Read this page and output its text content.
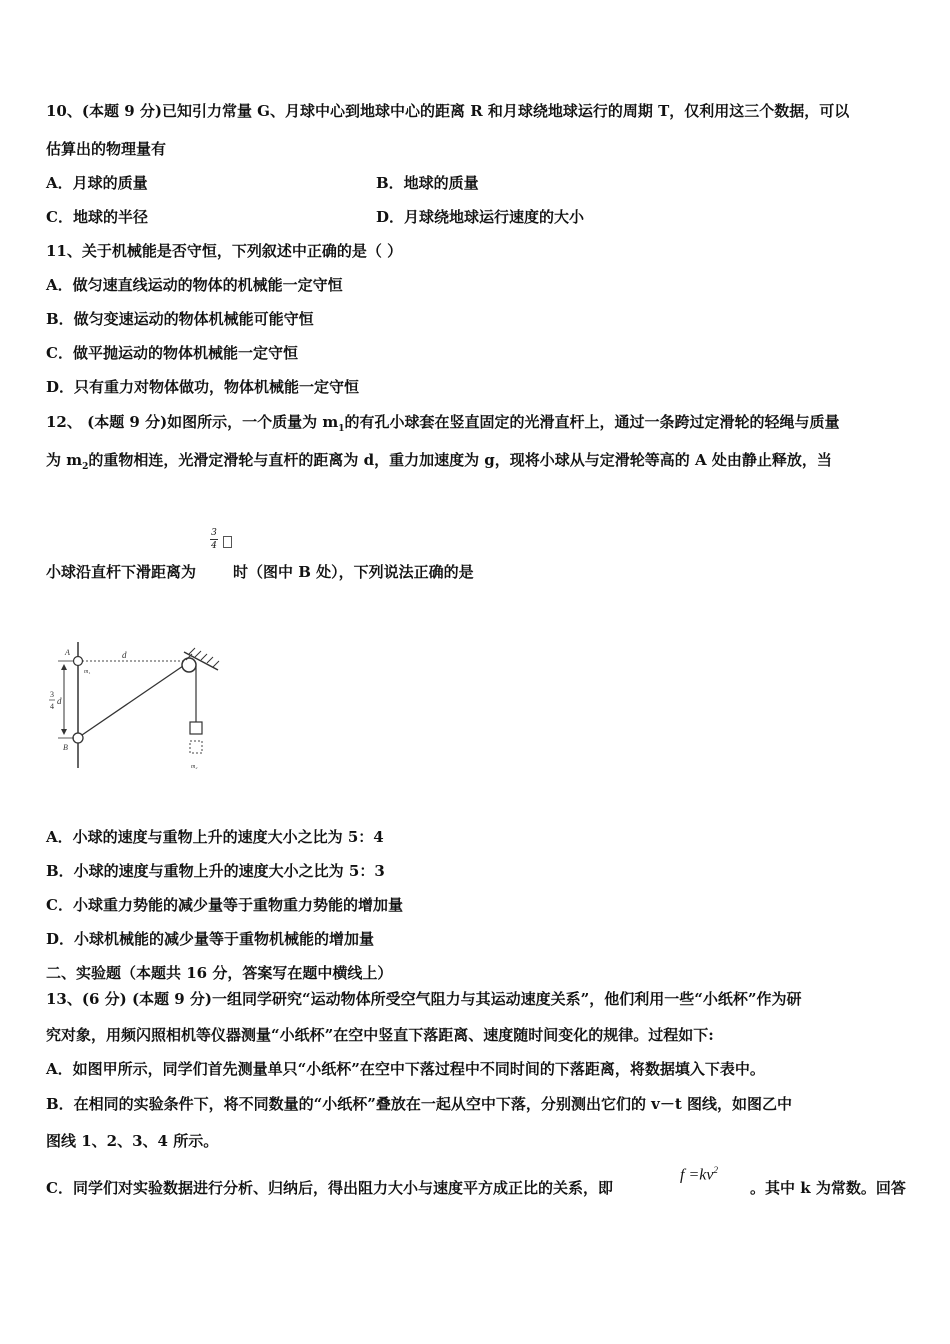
10、(本题 9 分)已知引力常量 G、月球中心到地球中心的距离 R 和月球绕地球运行的周期 T，仅利用这三个数据，可以
估算出的物理量有
A．月球的质量	B．地球的质量
C．地球的半径	D．月球绕地球运行速度的大小
11、关于机械能是否守恒，下列叙述中正确的是（ ）
A．做匀速直线运动的物体的机械能一定守恒
B．做匀变速运动的物体机械能可能守恒
C．做平抛运动的物体机械能一定守恒
D．只有重力对物体做功，物体机械能一定守恒
12、 (本题 9 分)如图所示，一个质量为 $m_1$的有孔小球套在竖直固定的光滑直杆上，通过一条跨过定滑轮的轻绳与质量
为 $m_2$的重物相连，光滑定滑轮与直杆的距离为 d，重力加速度为 g，现将小球从与定滑轮等高的 A 处由静止释放，当
3
4
小球沿直杆下滑距离为 时（图中 B 处），下列说法正确的是
A
B
d
m₁
m₂
3
4
d
A．小球的速度与重物上升的速度大小之比为 5：4
B．小球的速度与重物上升的速度大小之比为 5：3
C．小球重力势能的减少量等于重物重力势能的增加量
D．小球机械能的减少量等于重物机械能的增加量
二、实验题（本题共 16 分，答案写在题中横线上）
13、(6 分) (本题 9 分)一组同学研究“运动物体所受空气阻力与其运动速度关系”，他们利用一些“小纸杯”作为研
究对象，用频闪照相机等仪器测量“小纸杯”在空中竖直下落距离、速度随时间变化的规律。过程如下:
A．如图甲所示，同学们首先测量单只“小纸杯”在空中下落过程中不同时间的下落距离，将数据填入下表中。
B．在相同的实验条件下，将不同数量的“小纸杯”叠放在一起从空中下落，分别测出它们的 v－t 图线，如图乙中
图线 1、2、3、4 所示。
C．同学们对实验数据进行分析、归纳后，得出阻力大小与速度平方成正比的关系，即
$f =kv^2$
。其中 k 为常数。回答
